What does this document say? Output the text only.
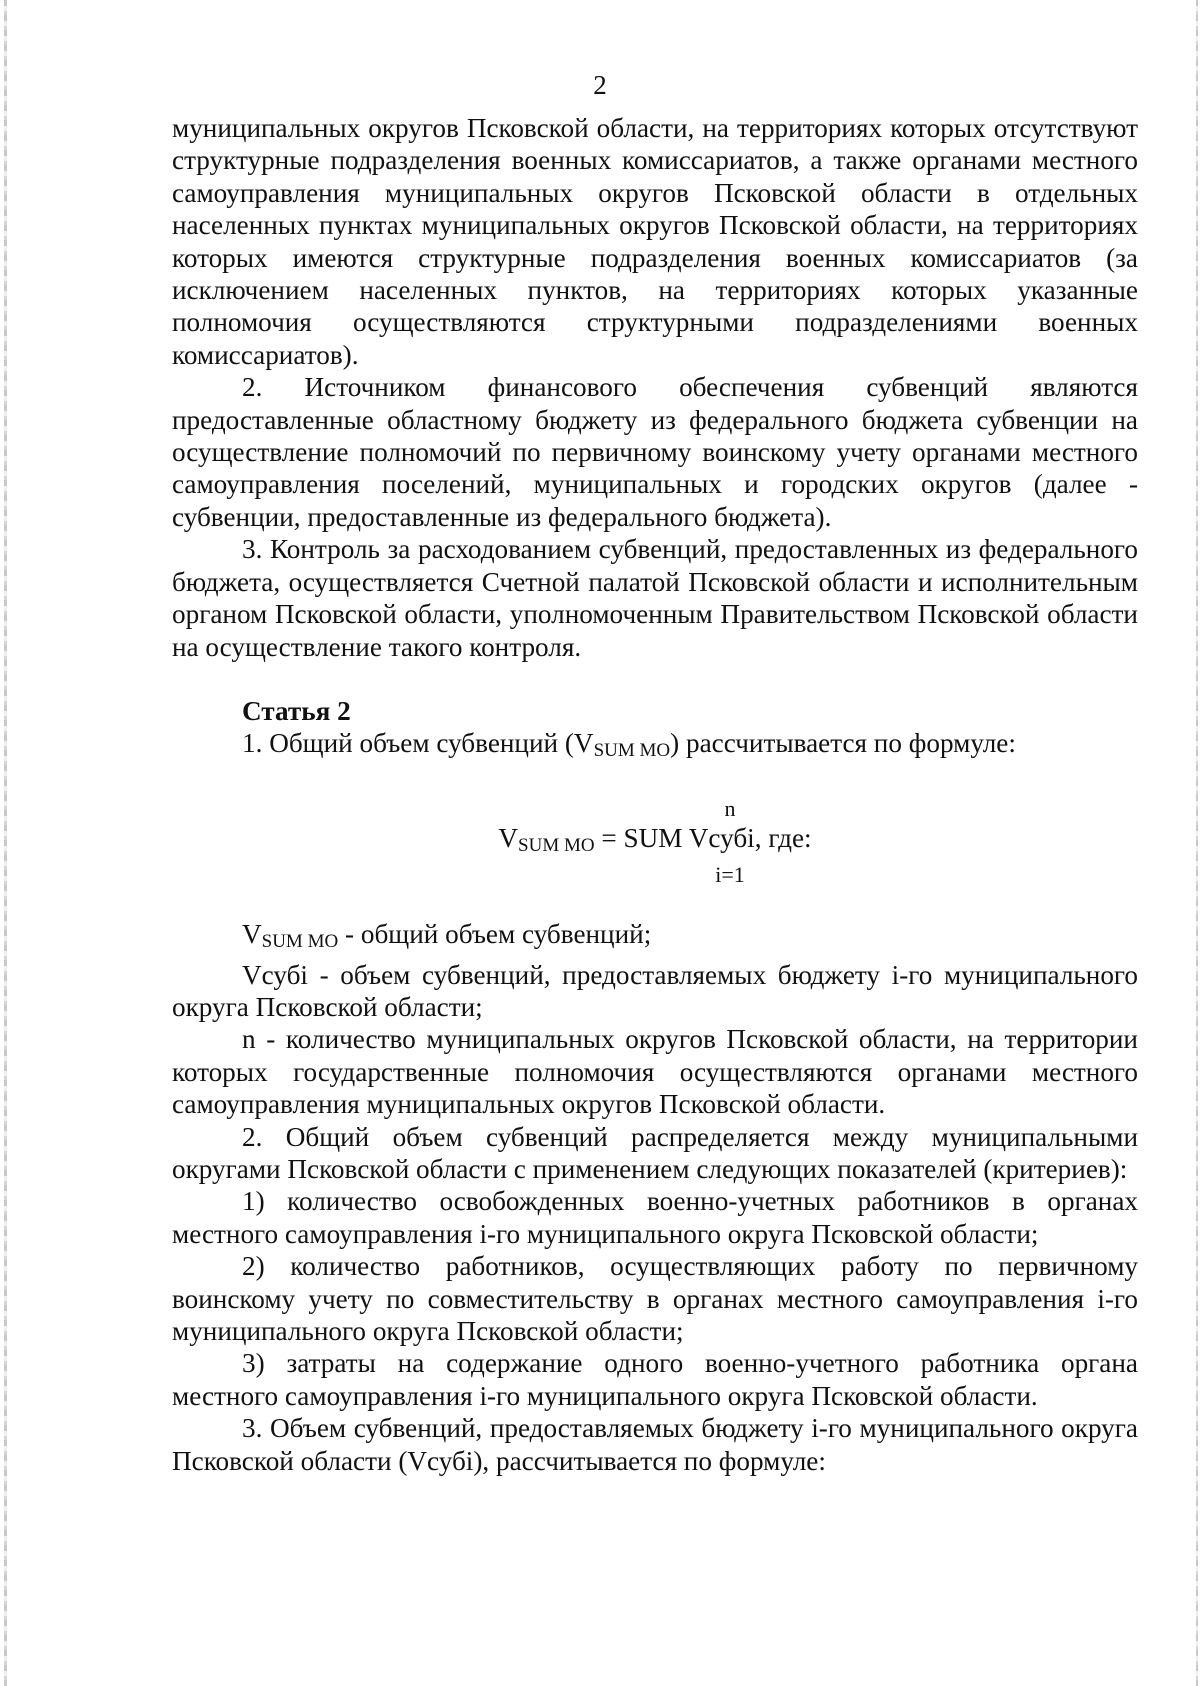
2

муниципальных округов Псковской области, на территориях которых отсутствуют структурные подразделения военных комиссариатов, а также органами местного самоуправления муниципальных округов Псковской области в отдельных населенных пунктах муниципальных округов Псковской области, на территориях которых имеются структурные подразделения военных комиссариатов (за исключением населенных пунктов, на территориях которых указанные полномочия осуществляются структурными подразделениями военных комиссариатов).

2. Источником финансового обеспечения субвенций являются предоставленные областному бюджету из федерального бюджета субвенции на осуществление полномочий по первичному воинскому учету органами местного самоуправления поселений, муниципальных и городских округов (далее - субвенции, предоставленные из федерального бюджета).

3. Контроль за расходованием субвенций, предоставленных из федерального бюджета, осуществляется Счетной палатой Псковской области и исполнительным органом Псковской области, уполномоченным Правительством Псковской области на осуществление такого контроля.

Статья 2

1. Общий объем субвенций $(V_{SUM MO})$ рассчитывается по формуле:

n
$V_{SUM MO}$ = SUM Vсубi, где:
i=1

$V_{SUM MO}$ - общий объем субвенций;

Vсубi - объем субвенций, предоставляемых бюджету i-го муниципального округа Псковской области;

n - количество муниципальных округов Псковской области, на территории которых государственные полномочия осуществляются органами местного самоуправления муниципальных округов Псковской области.

2. Общий объем субвенций распределяется между муниципальными округами Псковской области с применением следующих показателей (критериев):

1) количество освобожденных военно-учетных работников в органах местного самоуправления i-го муниципального округа Псковской области;

2) количество работников, осуществляющих работу по первичному воинскому учету по совместительству в органах местного самоуправления i-го муниципального округа Псковской области;

3) затраты на содержание одного военно-учетного работника органа местного самоуправления i-го муниципального округа Псковской области.

3. Объем субвенций, предоставляемых бюджету i-го муниципального округа Псковской области (Vсубi), рассчитывается по формуле:
